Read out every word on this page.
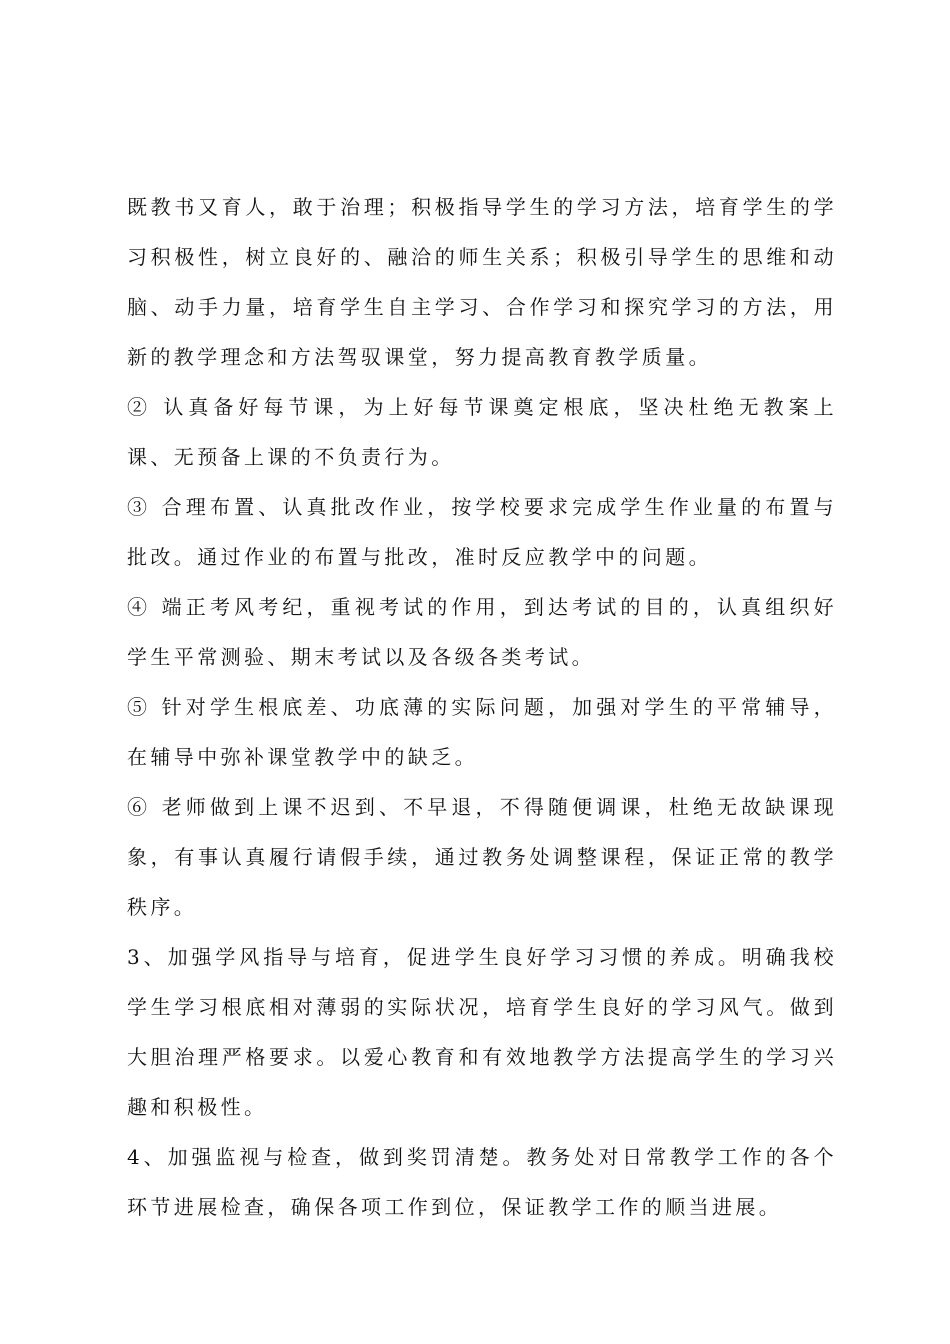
既教书又育人，敢于治理；积极指导学生的学习方法，培育学生的学习积极性，树立良好的、融洽的师生关系；积极引导学生的思维和动脑、动手力量，培育学生自主学习、合作学习和探究学习的方法，用新的教学理念和方法驾驭课堂，努力提高教育教学质量。

② 认真备好每节课，为上好每节课奠定根底，坚决杜绝无教案上课、无预备上课的不负责行为。

③ 合理布置、认真批改作业，按学校要求完成学生作业量的布置与批改。通过作业的布置与批改，准时反应教学中的问题。

④ 端正考风考纪，重视考试的作用，到达考试的目的，认真组织好学生平常测验、期末考试以及各级各类考试。

⑤ 针对学生根底差、功底薄的实际问题，加强对学生的平常辅导，在辅导中弥补课堂教学中的缺乏。

⑥ 老师做到上课不迟到、不早退，不得随便调课，杜绝无故缺课现象，有事认真履行请假手续，通过教务处调整课程，保证正常的教学秩序。

3、加强学风指导与培育，促进学生良好学习习惯的养成。明确我校学生学习根底相对薄弱的实际状况，培育学生良好的学习风气。做到大胆治理严格要求。以爱心教育和有效地教学方法提高学生的学习兴趣和积极性。

4、加强监视与检查，做到奖罚清楚。教务处对日常教学工作的各个环节进展检查，确保各项工作到位，保证教学工作的顺当进展。
